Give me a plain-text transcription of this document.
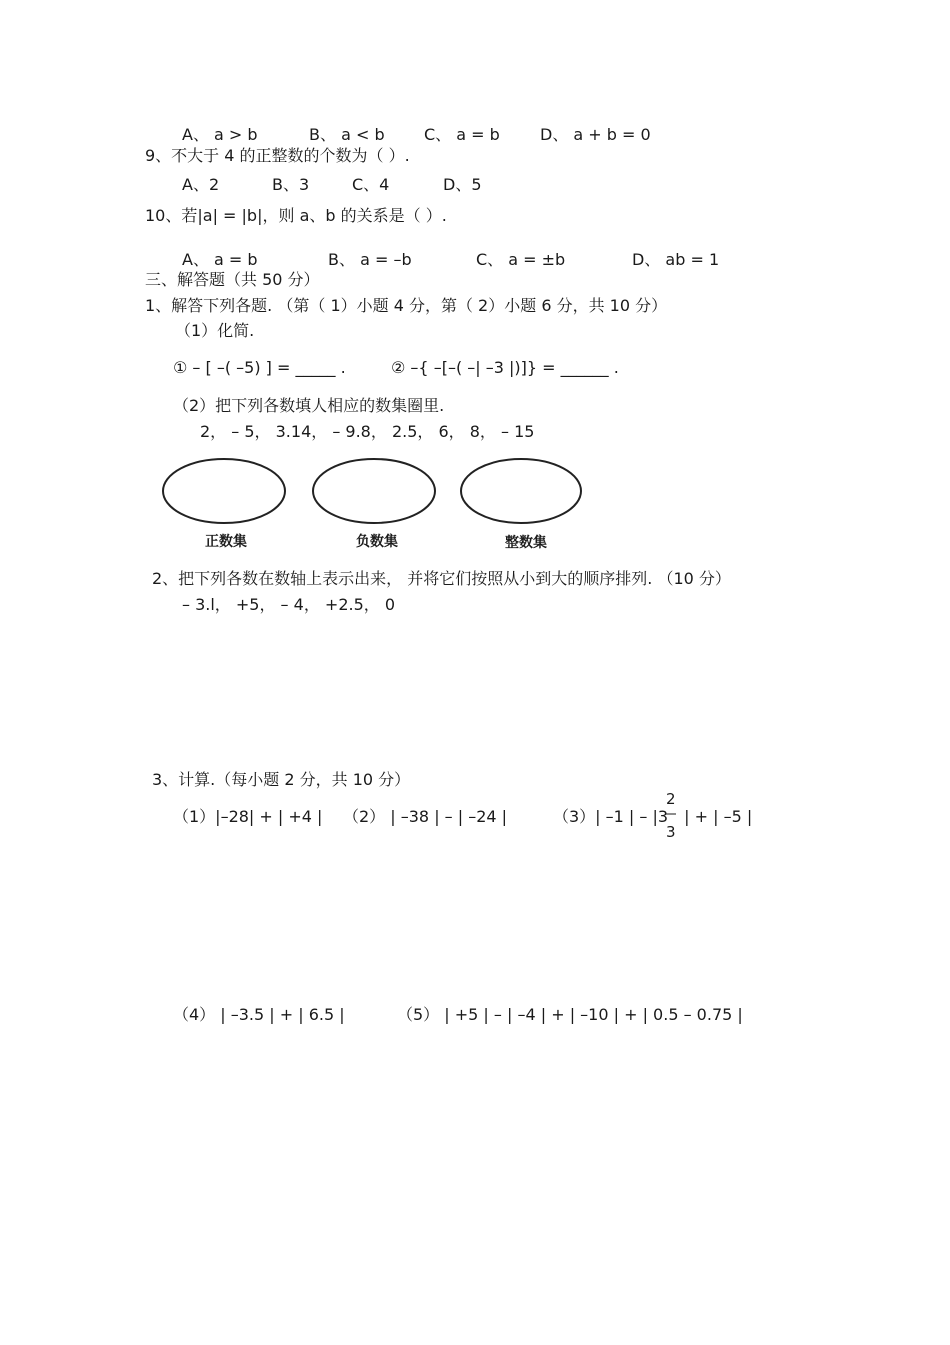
A、 a > b	B、 a < b C、 a = b	D、 a + b = 0
9、不大于 4 的正整数的个数为（ ）.
A、2	B、3	C、4	D、5
10、若|a| = |b|，则 a、b 的关系是（ ）.
A、 a = b	B、 a = –b	C、 a = ±b	D、 ab = 1
三、解答题（共 50 分）
1、解答下列各题. （第（ 1）小题 4 分，第（ 2）小题 6 分，共 10 分）
（1）化简.
① – [ –( –5) ] = _____ .	② –{ –[–( –| –3 |)]} = ______ .
（2）把下列各数填人相应的数集圈里.
2， – 5， 3.14， – 9.8， 2.5， 6， 8， – 15
正数集	负数集	整数集
2、把下列各数在数轴上表示出来， 并将它们按照从小到大的顺序排列. （10 分）
– 3.l， +5， – 4， +2.5， 0
3、计算.（每小题 2 分，共 10 分）
（1）|–28| + | +4 | （2） | –38 | – | –24 |	（3）| –1 | – |3 | + | –5 |
2
3
（4） | –3.5 | + | 6.5 |	（5） | +5 | – | –4 | + | –10 | + | 0.5 – 0.75 |
